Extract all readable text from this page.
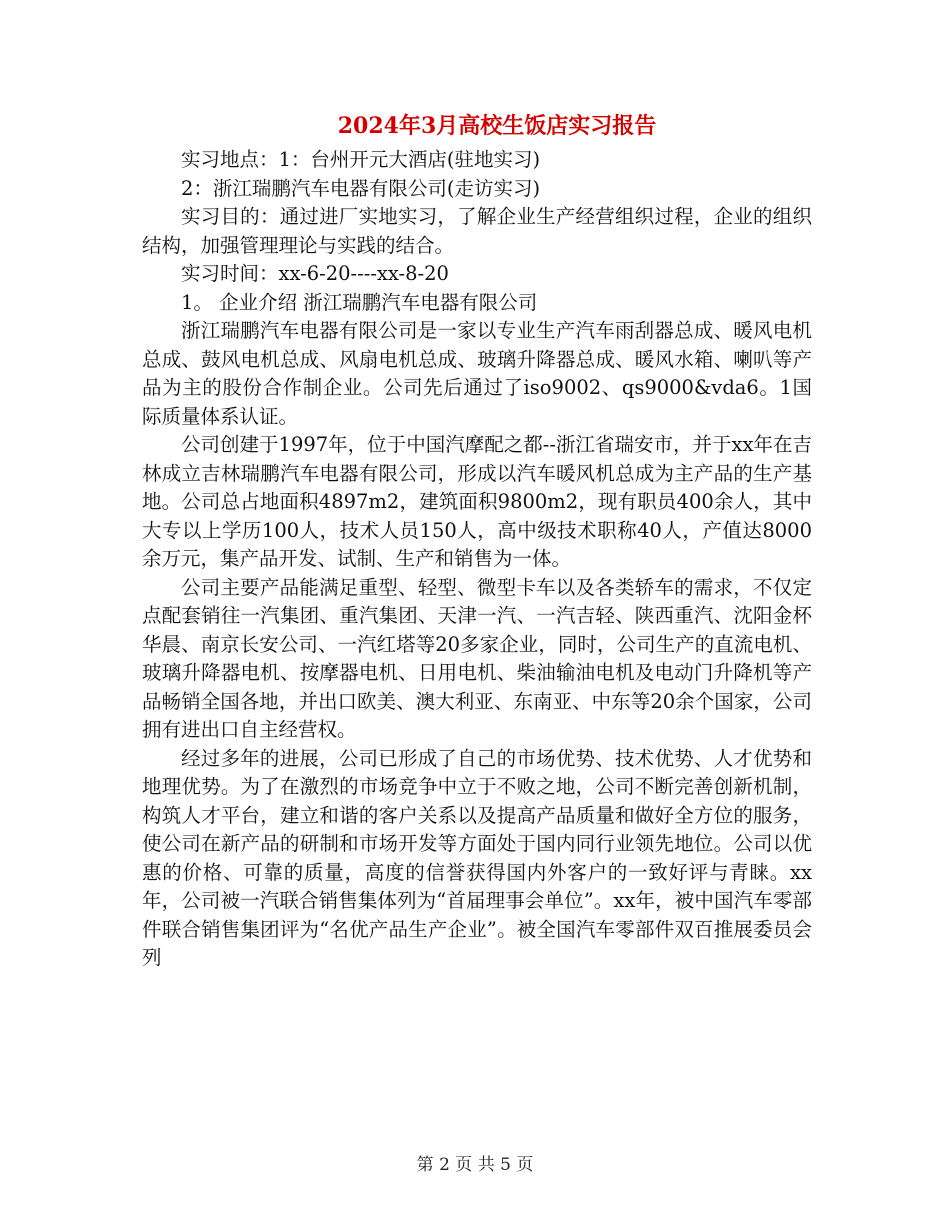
2024年3月高校生饭店实习报告

实习地点：1：台州开元大酒店(驻地实习)

2：浙江瑞鹏汽车电器有限公司(走访实习)

实习目的：通过进厂实地实习，了解企业生产经营组织过程，企业的组织结构，加强管理理论与实践的结合。

实习时间：xx-6-20----xx-8-20

1。 企业介绍 浙江瑞鹏汽车电器有限公司

浙江瑞鹏汽车电器有限公司是一家以专业生产汽车雨刮器总成、暖风电机总成、鼓风电机总成、风扇电机总成、玻璃升降器总成、暖风水箱、喇叭等产品为主的股份合作制企业。公司先后通过了iso9002、qs9000&vda6。1国际质量体系认证。

公司创建于1997年，位于中国汽摩配之都--浙江省瑞安市，并于xx年在吉林成立吉林瑞鹏汽车电器有限公司，形成以汽车暖风机总成为主产品的生产基地。公司总占地面积4897m2，建筑面积9800m2，现有职员400余人，其中大专以上学历100人，技术人员150人，高中级技术职称40人，产值达8000余万元，集产品开发、试制、生产和销售为一体。

公司主要产品能满足重型、轻型、微型卡车以及各类轿车的需求，不仅定点配套销往一汽集团、重汽集团、天津一汽、一汽吉轻、陕西重汽、沈阳金杯华晨、南京长安公司、一汽红塔等20多家企业，同时，公司生产的直流电机、玻璃升降器电机、按摩器电机、日用电机、柴油输油电机及电动门升降机等产品畅销全国各地，并出口欧美、澳大利亚、东南亚、中东等20余个国家，公司拥有进出口自主经营权。

经过多年的进展，公司已形成了自己的市场优势、技术优势、人才优势和地理优势。为了在激烈的市场竞争中立于不败之地，公司不断完善创新机制，构筑人才平台，建立和谐的客户关系以及提高产品质量和做好全方位的服务，使公司在新产品的研制和市场开发等方面处于国内同行业领先地位。公司以优惠的价格、可靠的质量，高度的信誉获得国内外客户的一致好评与青睐。xx年，公司被一汽联合销售集体列为“首届理事会单位”。xx年，被中国汽车零部件联合销售集团评为“名优产品生产企业”。被全国汽车零部件双百推展委员会列

第 2 页 共 5 页
